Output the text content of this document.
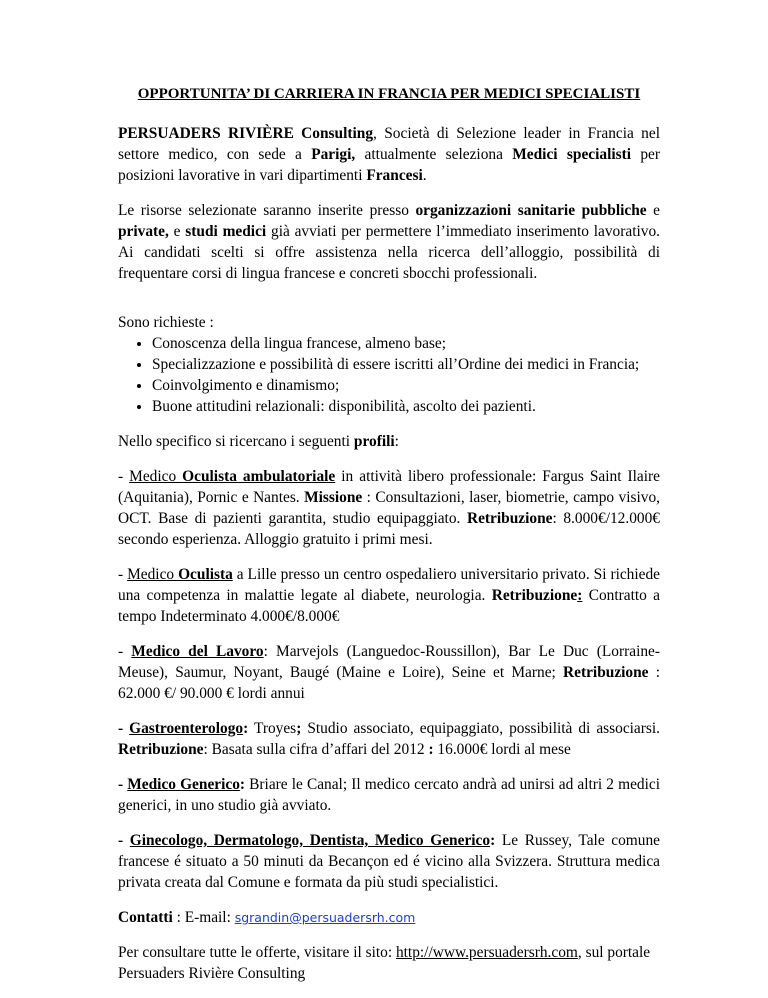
OPPORTUNITA’ DI CARRIERA IN FRANCIA PER MEDICI SPECIALISTI

PERSUADERS RIVIÈRE Consulting, Società di Selezione leader in Francia nel settore medico, con sede a Parigi, attualmente seleziona Medici specialisti per posizioni lavorative in vari dipartimenti Francesi.

Le risorse selezionate saranno inserite presso organizzazioni sanitarie pubbliche e private, e studi medici già avviati per permettere l’immediato inserimento lavorativo. Ai candidati scelti si offre assistenza nella ricerca dell’alloggio, possibilità di frequentare corsi di lingua francese e concreti sbocchi professionali.

Sono richieste :
• Conoscenza della lingua francese, almeno base;
• Specializzazione e possibilità di essere iscritti all’Ordine dei medici in Francia;
• Coinvolgimento e dinamismo;
• Buone attitudini relazionali: disponibilità, ascolto dei pazienti.

Nello specifico si ricercano i seguenti profili:

- Medico Oculista ambulatoriale in attività libero professionale: Fargus Saint Ilaire (Aquitania), Pornic e Nantes. Missione : Consultazioni, laser, biometrie, campo visivo, OCT. Base di pazienti garantita, studio equipaggiato. Retribuzione: 8.000€/12.000€ secondo esperienza. Alloggio gratuito i primi mesi.

- Medico Oculista a Lille presso un centro ospedaliero universitario privato. Si richiede una competenza in malattie legate al diabete, neurologia. Retribuzione: Contratto a tempo Indeterminato 4.000€/8.000€

- Medico del Lavoro: Marvejols (Languedoc-Roussillon), Bar Le Duc (Lorraine-Meuse), Saumur, Noyant, Baugé (Maine e Loire), Seine et Marne; Retribuzione : 62.000 €/ 90.000 € lordi annui

- Gastroenterologo: Troyes; Studio associato, equipaggiato, possibilità di associarsi. Retribuzione: Basata sulla cifra d’affari del 2012 : 16.000€ lordi al mese

- Medico Generico: Briare le Canal; Il medico cercato andrà ad unirsi ad altri 2 medici generici, in uno studio già avviato.

- Ginecologo, Dermatologo, Dentista, Medico Generico: Le Russey, Tale comune francese é situato a 50 minuti da Becançon ed é vicino alla Svizzera. Struttura medica privata creata dal Comune e formata da più studi specialistici.

Contatti : E-mail: sgrandin@persuadersrh.com

Per consultare tutte le offerte, visitare il sito: http://www.persuadersrh.com, sul portale Persuaders Rivière Consulting
